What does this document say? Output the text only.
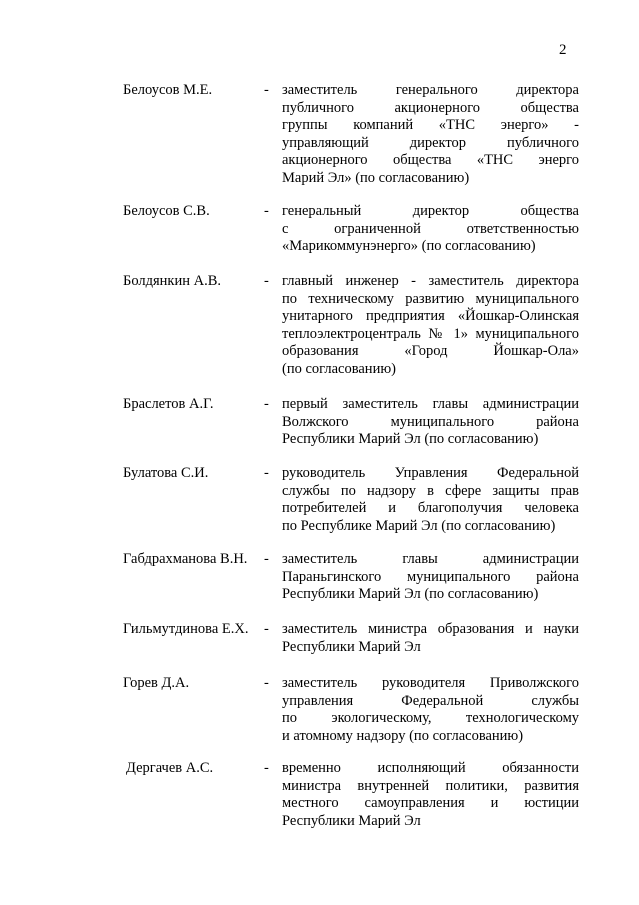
2
Белоусов М.Е.	- заместитель генерального директора
публичного акционерного общества
группы компаний «ТНС энерго» -
управляющий директор публичного
акционерного общества «ТНС энерго
Марий Эл» (по согласованию)
Белоусов С.В.	- генеральный директор общества
с ограниченной ответственностью
«Марикоммунэнерго» (по согласованию)
Болдянкин А.В.	- главный инженер - заместитель директора
по техническому развитию муниципального
унитарного предприятия «Йошкар-Олинская
теплоэлектроцентраль № 1» муниципального
образования «Город Йошкар-Ола»
(по согласованию)
Браслетов А.Г.	- первый заместитель главы администрации
Волжского муниципального района
Республики Марий Эл (по согласованию)
Булатова С.И.	- руководитель Управления Федеральной
службы по надзору в сфере защиты прав
потребителей и благополучия человека
по Республике Марий Эл (по согласованию)
Габдрахманова В.Н. - заместитель главы администрации
Параньгинского муниципального района
Республики Марий Эл (по согласованию)
Гильмутдинова Е.Х. - заместитель министра образования и науки
Республики Марий Эл
Горев Д.А.	- заместитель руководителя Приволжского
управления Федеральной службы
по экологическому, технологическому
и атомному надзору (по согласованию)
Дергачев А.С.	- временно исполняющий обязанности
министра внутренней политики, развития
местного самоуправления и юстиции
Республики Марий Эл
